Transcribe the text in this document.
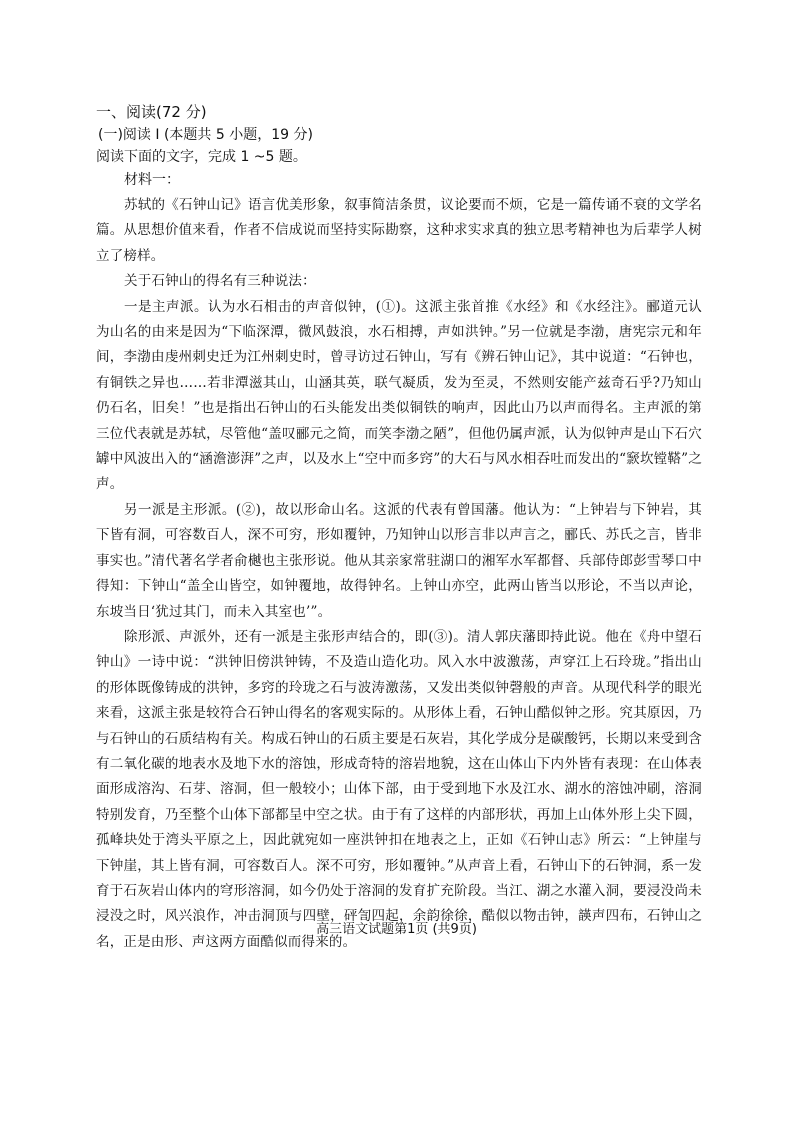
一、阅读(72 分)

(一)阅读 I (本题共 5 小题，19 分)

阅读下面的文字，完成 1 ~5 题。

材料一：

苏轼的《石钟山记》语言优美形象，叙事简洁条贯，议论要而不烦，它是一篇传诵不衰的文学名篇。从思想价值来看，作者不信成说而坚持实际勘察，这种求实求真的独立思考精神也为后辈学人树立了榜样。

关于石钟山的得名有三种说法：

一是主声派。认为水石相击的声音似钟，(①)。这派主张首推《水经》和《水经注》。郦道元认为山名的由来是因为“下临深潭，微风鼓浪，水石相搏，声如洪钟。”另一位就是李渤，唐宪宗元和年间，李渤由虔州刺史迁为江州刺史时，曾寻访过石钟山，写有《辨石钟山记》，其中说道：“石钟也，有铜铁之异也……若非潭滋其山，山涵其英，联气凝质，发为至灵，不然则安能产兹奇石乎?乃知山仍石名，旧矣！”也是指出石钟山的石头能发出类似铜铁的响声，因此山乃以声而得名。主声派的第三位代表就是苏轼，尽管他“盖叹郦元之简，而笑李渤之陋”，但他仍属声派，认为似钟声是山下石穴罅中风波出入的“涵澹澎湃”之声，以及水上“空中而多窍”的大石与风水相吞吐而发出的“窾坎镗鞳”之声。

另一派是主形派。(②)，故以形命山名。这派的代表有曾国藩。他认为：“上钟岩与下钟岩，其下皆有洞，可容数百人，深不可穷，形如覆钟，乃知钟山以形言非以声言之，郦氏、苏氏之言，皆非事实也。”清代著名学者俞樾也主张形说。他从其亲家常驻湖口的湘军水军都督、兵部侍郎彭雪琴口中得知：下钟山“盖全山皆空，如钟覆地，故得钟名。上钟山亦空，此两山皆当以形论，不当以声论，东坡当日‘犹过其门，而未入其室也’”。

除形派、声派外，还有一派是主张形声结合的，即(③)。清人郭庆藩即持此说。他在《舟中望石钟山》一诗中说：“洪钟旧傍洪钟铸，不及造山造化功。风入水中波激荡，声穿江上石玲珑。”指出山的形体既像铸成的洪钟，多窍的玲珑之石与波涛激荡，又发出类似钟磬般的声音。从现代科学的眼光来看，这派主张是较符合石钟山得名的客观实际的。从形体上看，石钟山酷似钟之形。究其原因，乃与石钟山的石质结构有关。构成石钟山的石质主要是石灰岩，其化学成分是碳酸钙，长期以来受到含有二氧化碳的地表水及地下水的溶蚀，形成奇特的溶岩地貌，这在山体山下内外皆有表现：在山体表面形成溶沟、石芽、溶洞，但一般较小；山体下部，由于受到地下水及江水、湖水的溶蚀冲刷，溶洞特别发育，乃至整个山体下部都呈中空之状。由于有了这样的内部形状，再加上山体外形上尖下圆，孤峰块处于湾头平原之上，因此就宛如一座洪钟扣在地表之上，正如《石钟山志》所云：“上钟崖与下钟崖，其上皆有洞，可容数百人。深不可穷，形如覆钟。”从声音上看，石钟山下的石钟洞，系一发育于石灰岩山体内的穹形溶洞，如今仍处于溶洞的发育扩充阶段。当江、湖之水灌入洞，要浸没尚未浸没之时，风兴浪作，冲击洞顶与四壁，砰訇四起，余韵徐徐，酷似以物击钟，韺声四布，石钟山之名，正是由形、声这两方面酷似而得来的。

高三语文试题第1页 (共9页)
